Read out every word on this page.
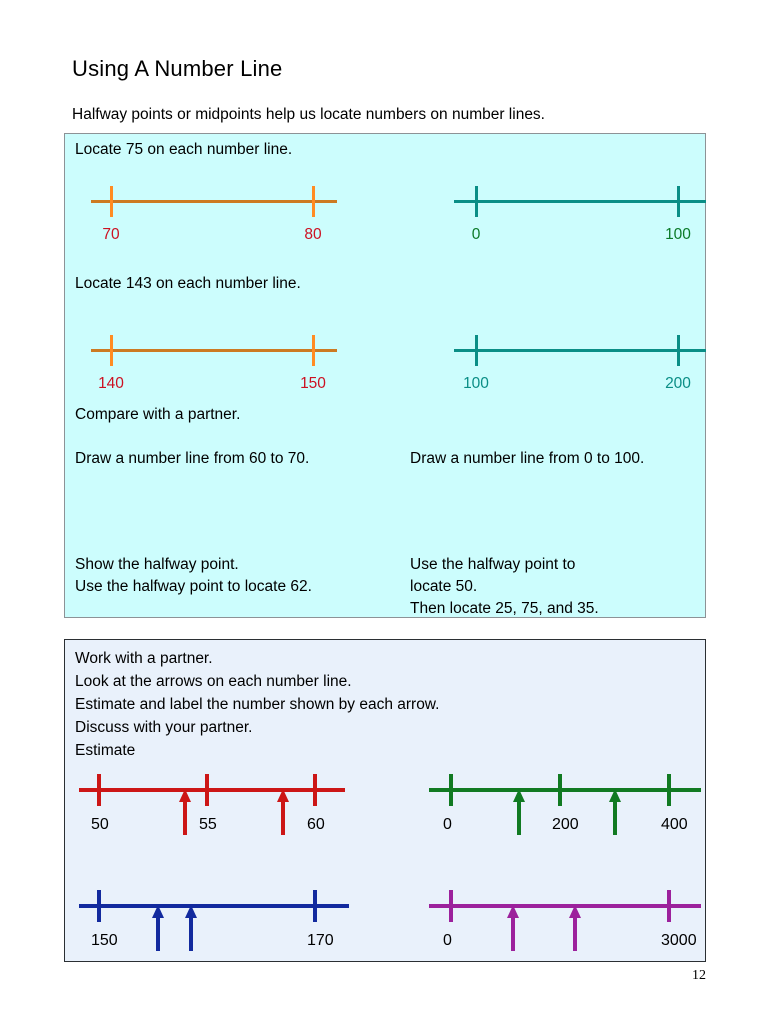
Using A Number Line
Halfway points or midpoints help us locate numbers on number lines.
Locate 75 on each number line.
70	80	0	100
Locate 143 on each number line.
140	150	100	200
Compare with a partner.
Draw a number line from 60 to 70.	Draw a number line from 0 to 100.
Show the halfway point.
Use the halfway point to locate 62.
Use the halfway point to
locate 50.
Then locate 25, 75, and 35.
Work with a partner.
Look at the arrows on each number line.
Estimate and label the number shown by each arrow.
Discuss with your partner.
Estimate
50	55	60	0	200	400
150	170	0	3000
12
